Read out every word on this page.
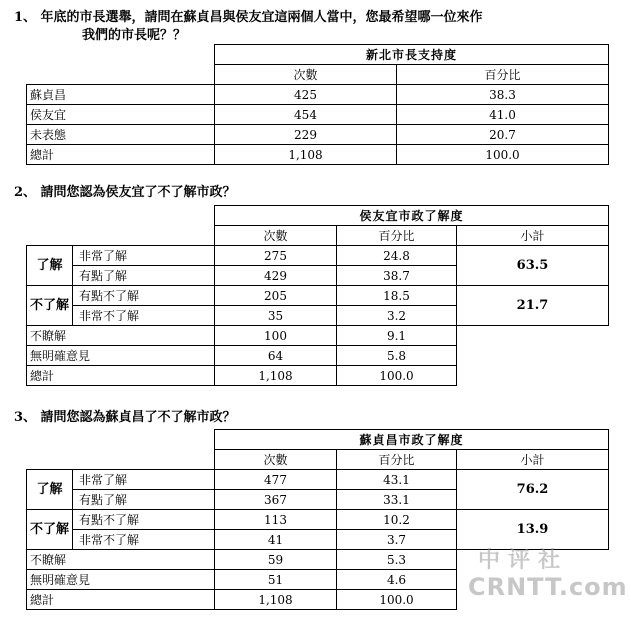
1、 年底的市長選舉，請問在蘇貞昌與侯友宜這兩個人當中，您最希望哪一位來作
我們的市長呢？？
	新北市長支持度	
	次數	百分比
蘇貞昌	425	38.3
侯友宜	454	41.0
未表態	229	20.7
總計	1,108	100.0
2、 請問您認為侯友宜了不了解市政？
		侯友宜市政了解度		
		次數	百分比	小計
了解	非常了解	275	24.8	63.5
	有點了解	429	38.7	
不了解	有點不了解	205	18.5	21.7
	非常不了解	35	3.2	
不瞭解		100	9.1	
無明確意見		64	5.8	
總計		1,108	100.0	
3、 請問您認為蘇貞昌了不了解市政？
		蘇貞昌市政了解度		
		次數	百分比	小計
了解	非常了解	477	43.1	76.2
	有點了解	367	33.1	
不了解	有點不了解	113	10.2	13.9
	非常不了解	41	3.7	
不瞭解		59	5.3	
無明確意見		51	4.6	
總計		1,108	100.0	
中评社
CRNTT.com
